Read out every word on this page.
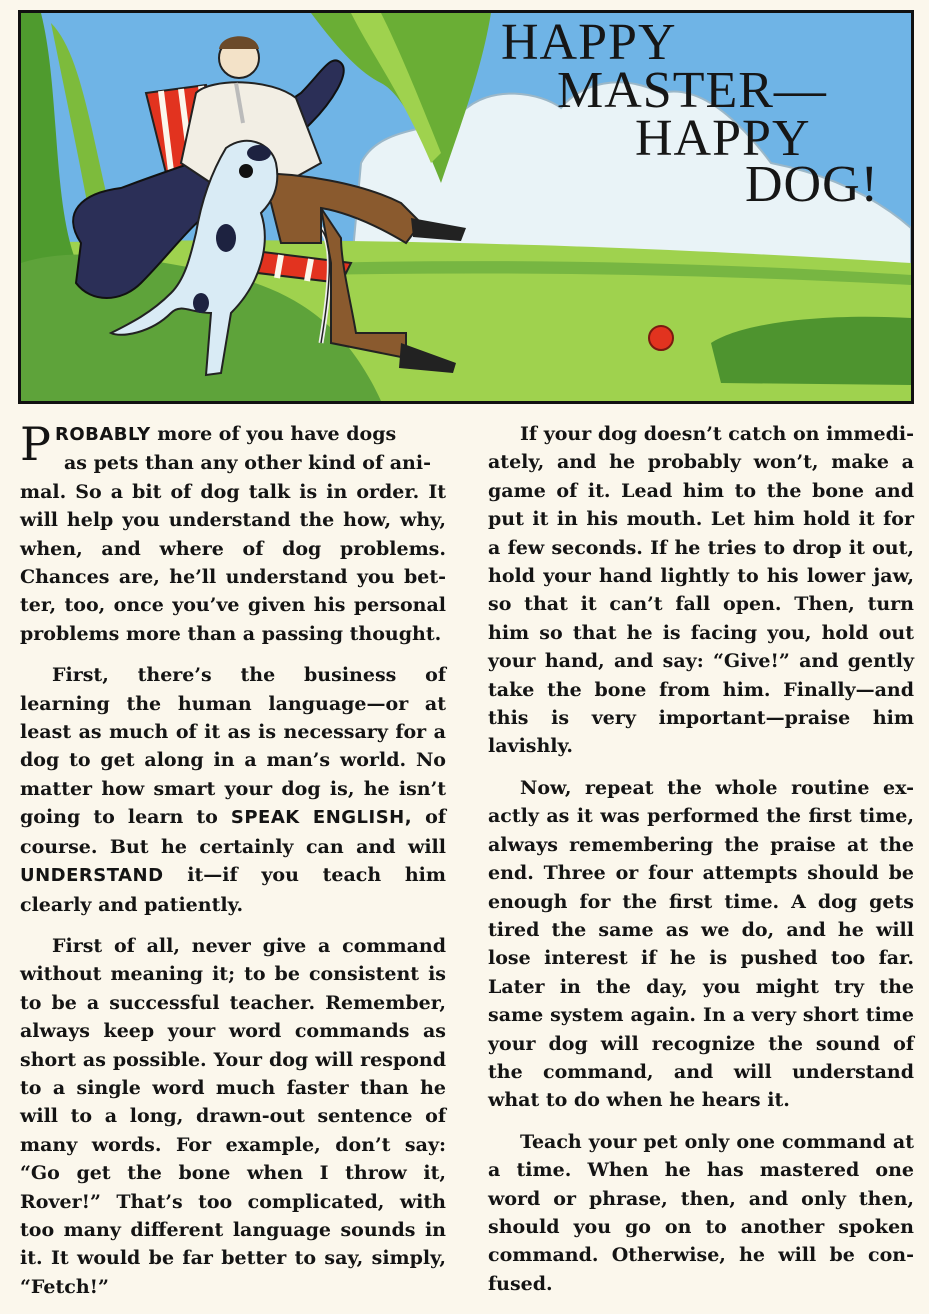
HAPPY
MASTER—
HAPPY
DOG!

PROBABLY more of you have dogs

as pets than any other kind of ani-
mal. So a bit of dog talk is in order. It will help you understand the how, why, when, and where of dog problems. Chances are, he’ll understand you bet-ter, too, once you’ve given his personal problems more than a passing thought.

First, there’s the business of learning the human language—or at least as much of it as is necessary for a dog to get along in a man’s world. No matter how smart your dog is, he isn’t going to learn to SPEAK ENGLISH, of course. But he certainly can and will UNDERSTAND it—if you teach him clearly and patiently.

First of all, never give a command without meaning it; to be consistent is to be a successful teacher. Remember, always keep your word commands as short as possible. Your dog will respond to a single word much faster than he will to a long, drawn-out sentence of many words. For example, don’t say: “Go get the bone when I throw it, Rover!” That’s too complicated, with too many different language sounds in it. It would be far better to say, simply, “Fetch!”

If your dog doesn’t catch on immedi-ately, and he probably won’t, make a game of it. Lead him to the bone and put it in his mouth. Let him hold it for a few seconds. If he tries to drop it out, hold your hand lightly to his lower jaw, so that it can’t fall open. Then, turn him so that he is facing you, hold out your hand, and say: “Give!” and gently take the bone from him. Finally—and this is very important—praise him lavishly.

Now, repeat the whole routine ex-actly as it was performed the first time, always remembering the praise at the end. Three or four attempts should be enough for the first time. A dog gets tired the same as we do, and he will lose interest if he is pushed too far. Later in the day, you might try the same system again. In a very short time your dog will recognize the sound of the command, and will understand what to do when he hears it.

Teach your pet only one command at a time. When he has mastered one word or phrase, then, and only then, should you go on to another spoken command. Otherwise, he will be con-fused.
